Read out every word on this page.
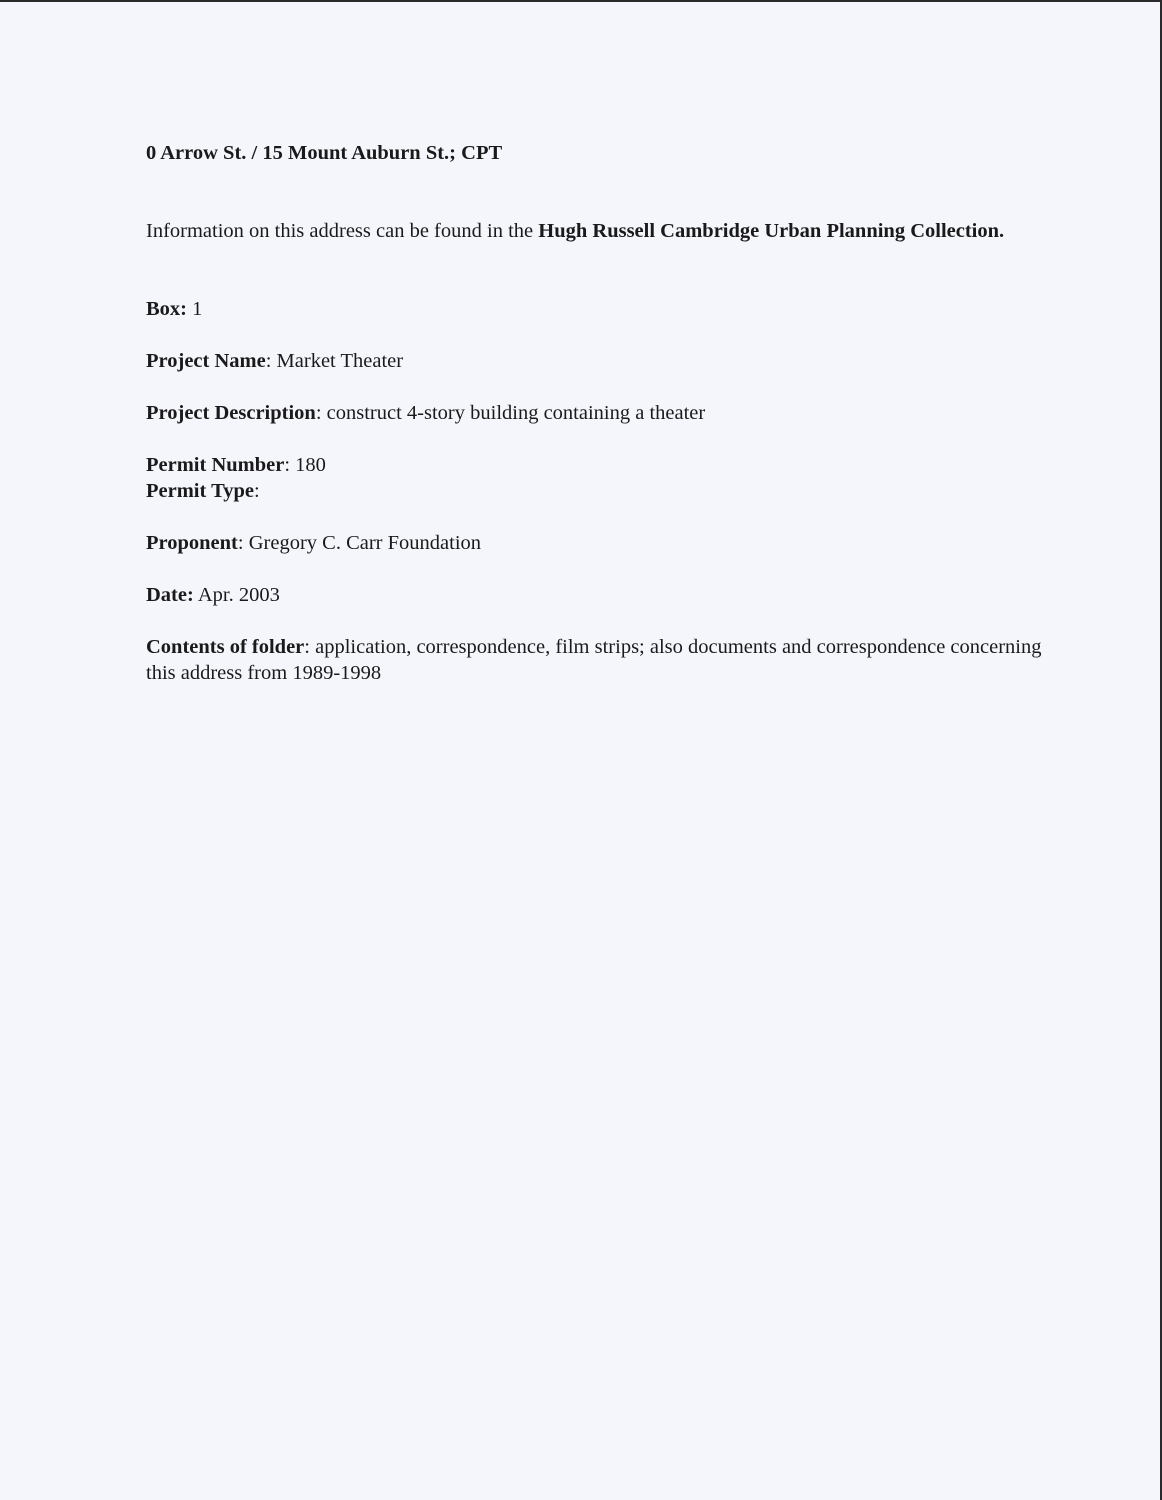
0 Arrow St. / 15 Mount Auburn St.; CPT

Information on this address can be found in the Hugh Russell Cambridge Urban Planning Collection.

Box: 1

Project Name: Market Theater

Project Description: construct 4-story building containing a theater

Permit Number: 180

Permit Type:

Proponent: Gregory C. Carr Foundation

Date: Apr. 2003

Contents of folder: application, correspondence, film strips; also documents and correspondence concerning this address from 1989-1998
